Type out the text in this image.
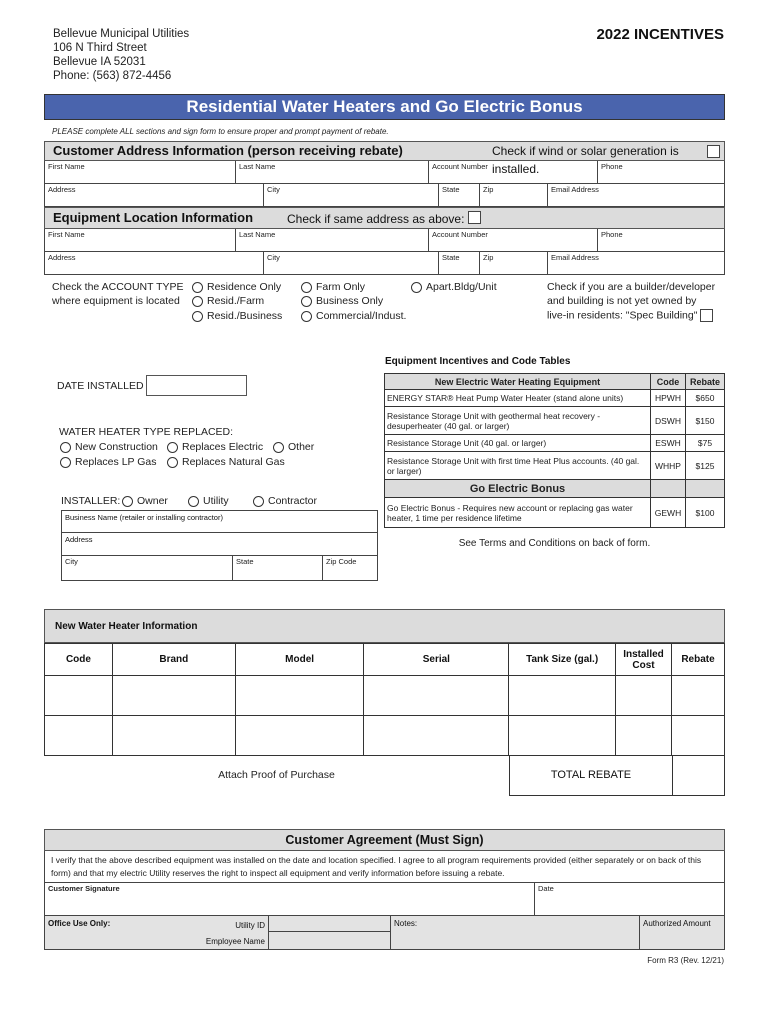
Bellevue Municipal Utilities
106 N Third Street
Bellevue IA 52031
Phone: (563) 872-4456
2022 INCENTIVES
Residential Water Heaters and Go Electric Bonus
PLEASE complete ALL sections and sign form to ensure proper and prompt payment of rebate.
Customer Address Information (person receiving rebate)	Check if wind or solar generation is installed.
First Name	Last Name	Account Number	Phone
Address	City	State	Zip	Email Address
Equipment Location Information	Check if same address as above:
First Name	Last Name	Account Number	Phone
Address	City	State	Zip	Email Address
Check the ACCOUNT TYPE
where equipment is located
Residence Only
Resid./Farm
Resid./Business
Farm Only
Business Only
Commercial/Indust.
Apart.Bldg/Unit	Check if you are a builder/developer
and building is not yet owned by
live-in residents: "Spec Building"
DATE INSTALLED
WATER HEATER TYPE REPLACED:
New Construction	Replaces Electric	Other
Replaces LP Gas	Replaces Natural Gas
INSTALLER:	Owner	Utility	Contractor
Business Name (retailer or installing contractor)
Address
City	State	Zip Code
Equipment Incentives and Code Tables
New Electric Water Heating Equipment	Code	Rebate
ENERGY STAR® Heat Pump Water Heater (stand alone units)	HPWH	$650
Resistance Storage Unit with geothermal heat recovery - desuperheater (40 gal. or larger)	DSWH	$150
Resistance Storage Unit (40 gal. or larger)	ESWH	$75
Resistance Storage Unit with first time Heat Plus accounts. (40 gal. or larger)	WHHP	$125
Go Electric Bonus		
Go Electric Bonus - Requires new account or replacing gas water heater, 1 time per residence lifetime	GEWH	$100
See Terms and Conditions on back of form.
New Water Heater Information
Code	Brand	Model	Serial	Tank Size (gal.)	Installed Cost	Rebate

Attach Proof of Purchase	TOTAL REBATE
Customer Agreement (Must Sign)
I verify that the above described equipment was installed on the date and location specified. I agree to all program requirements provided (either separately or on back of this form) and that my electric Utility reserves the right to inspect all equipment and verify information before issuing a rebate.
Customer Signature	Date
Office Use Only:	Utility ID
Employee Name
Notes:	Authorized Amount
Form R3 (Rev. 12/21)
